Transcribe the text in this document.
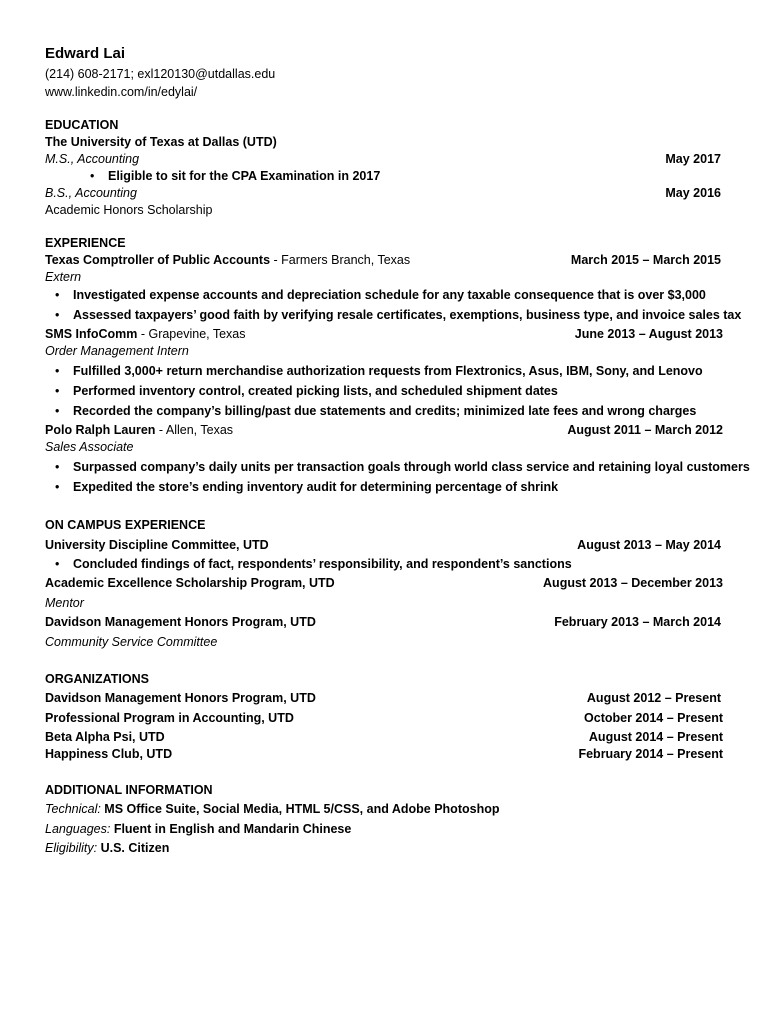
Edward Lai
(214) 608-2171; exl120130@utdallas.edu
www.linkedin.com/in/edylai/
EDUCATION
The University of Texas at Dallas (UTD)
M.S., Accounting	May 2017
• Eligible to sit for the CPA Examination in 2017
B.S., Accounting	May 2016
Academic Honors Scholarship
EXPERIENCE
Texas Comptroller of Public Accounts - Farmers Branch, Texas	March 2015 – March 2015
Extern
• Investigated expense accounts and depreciation schedule for any taxable consequence that is over $3,000
• Assessed taxpayers’ good faith by verifying resale certificates, exemptions, business type, and invoice sales tax
SMS InfoComm - Grapevine, Texas	June 2013 – August 2013
Order Management Intern
• Fulfilled 3,000+ return merchandise authorization requests from Flextronics, Asus, IBM, Sony, and Lenovo
• Performed inventory control, created picking lists, and scheduled shipment dates
• Recorded the company’s billing/past due statements and credits; minimized late fees and wrong charges
Polo Ralph Lauren - Allen, Texas	August 2011 – March 2012
Sales Associate
• Surpassed company’s daily units per transaction goals through world class service and retaining loyal customers
• Expedited the store’s ending inventory audit for determining percentage of shrink
ON CAMPUS EXPERIENCE
University Discipline Committee, UTD	August 2013 – May 2014
• Concluded findings of fact, respondents’ responsibility, and respondent’s sanctions
Academic Excellence Scholarship Program, UTD	August 2013 – December 2013
Mentor
Davidson Management Honors Program, UTD	February 2013 – March 2014
Community Service Committee
ORGANIZATIONS
Davidson Management Honors Program, UTD	August 2012 – Present
Professional Program in Accounting, UTD	October 2014 – Present
Beta Alpha Psi, UTD	August 2014 – Present
Happiness Club, UTD	February 2014 – Present
ADDITIONAL INFORMATION
Technical: MS Office Suite, Social Media, HTML 5/CSS, and Adobe Photoshop
Languages: Fluent in English and Mandarin Chinese
Eligibility: U.S. Citizen
